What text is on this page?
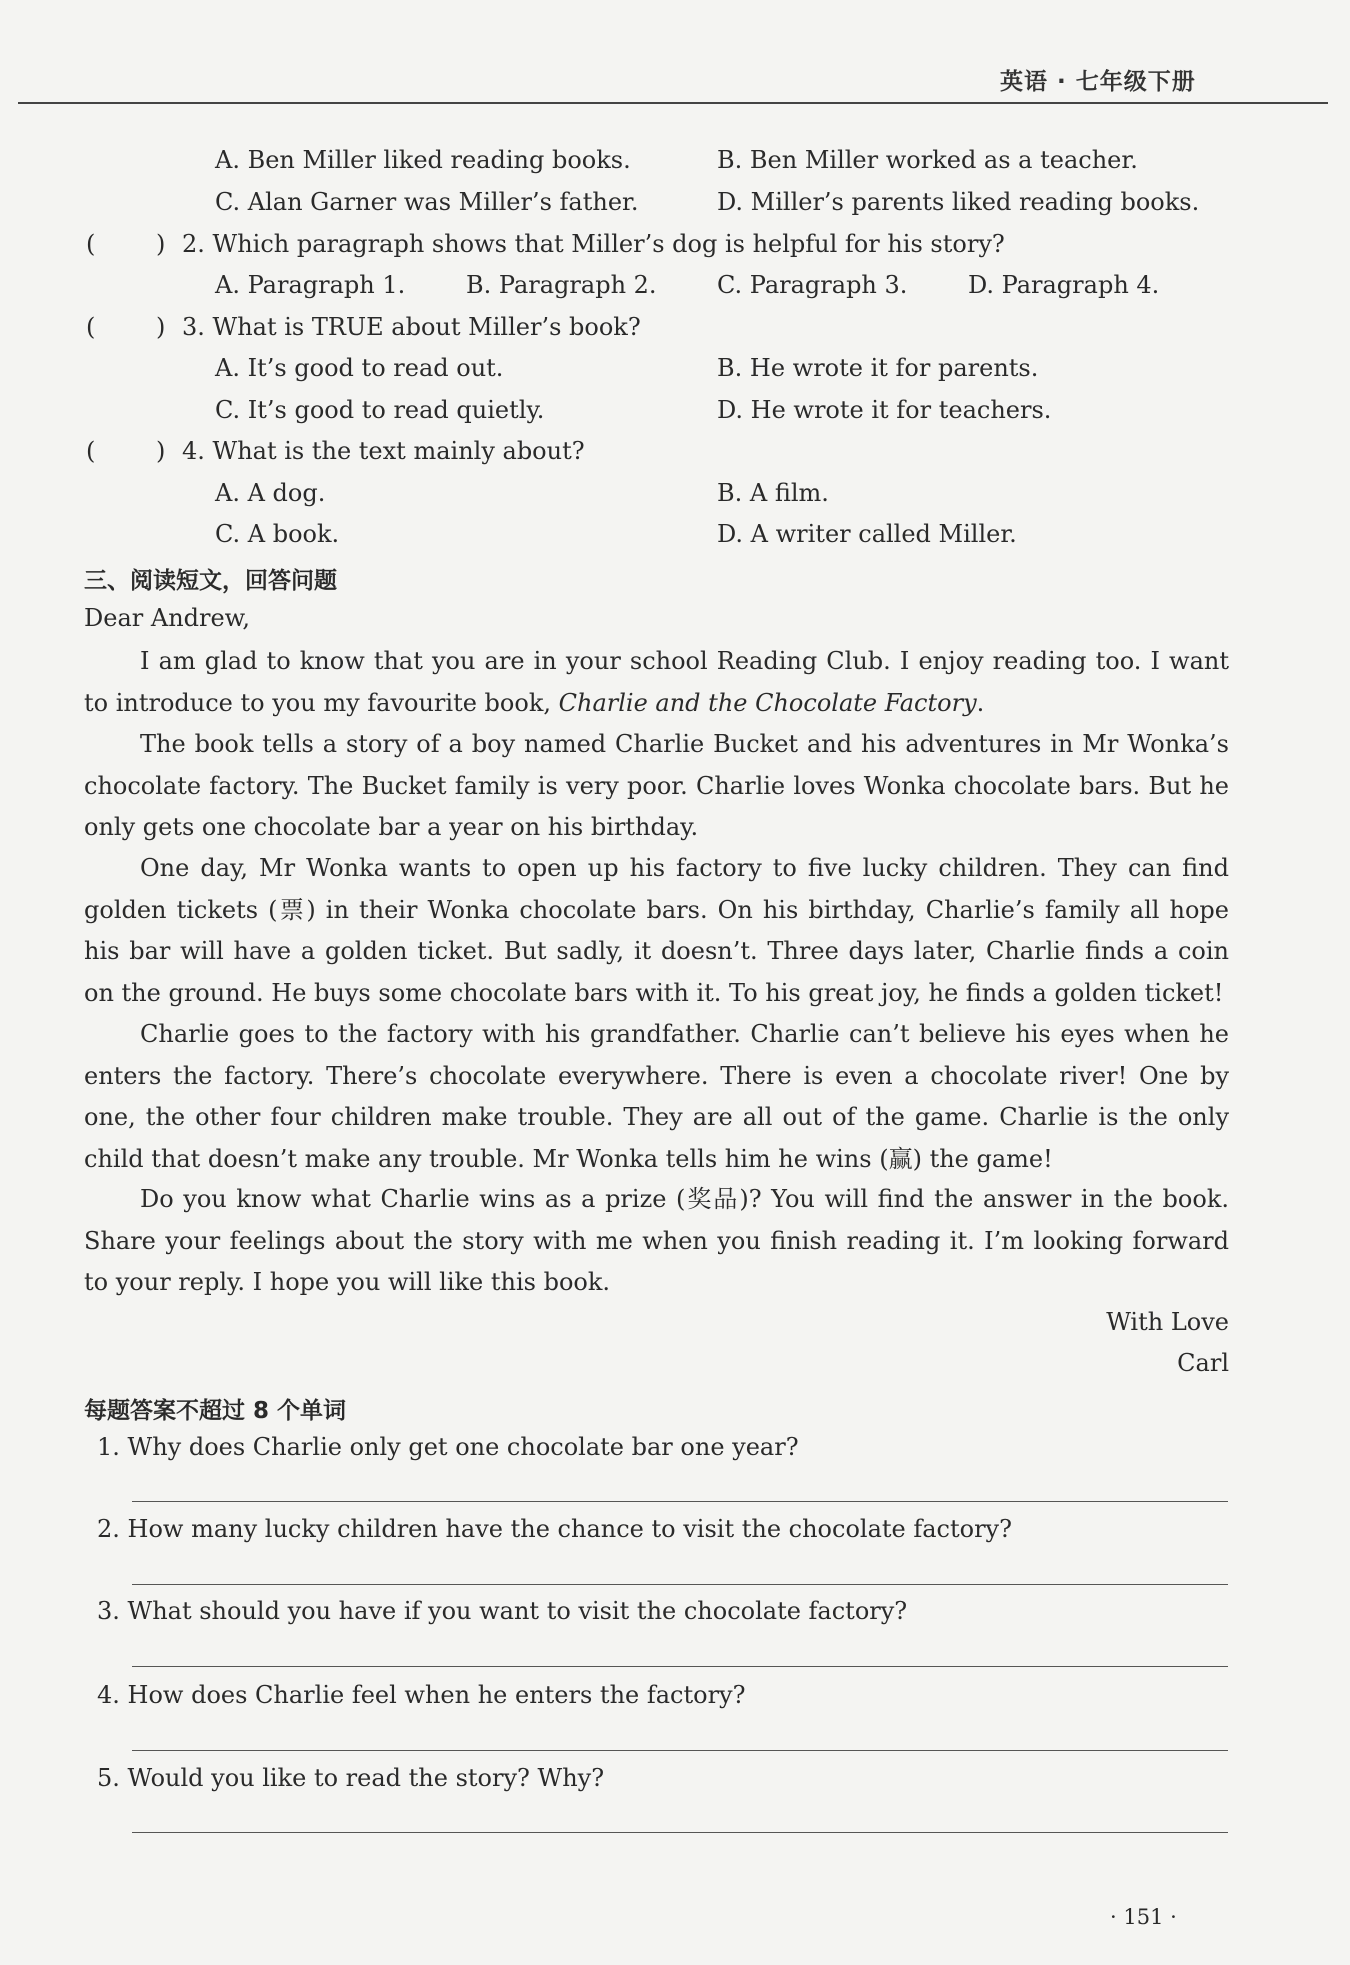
英语 · 七年级下册
A. Ben Miller liked reading books.	B. Ben Miller worked as a teacher.
C. Alan Garner was Miller’s father.	D. Miller’s parents liked reading books.
(	) 2. Which paragraph shows that Miller’s dog is helpful for his story?
A. Paragraph 1.	B. Paragraph 2.	C. Paragraph 3.	D. Paragraph 4.
(	) 3. What is TRUE about Miller’s book?
A. It’s good to read out.	B. He wrote it for parents.
C. It’s good to read quietly.	D. He wrote it for teachers.
(	) 4. What is the text mainly about?
A. A dog.	B. A film.
C. A book.	D. A writer called Miller.
三、阅读短文，回答问题
Dear Andrew,
I am glad to know that you are in your school Reading Club. I enjoy reading too. I want to introduce to you my favourite book, Charlie and the Chocolate Factory.
The book tells a story of a boy named Charlie Bucket and his adventures in Mr Wonka’s chocolate factory. The Bucket family is very poor. Charlie loves Wonka chocolate bars. But he only gets one chocolate bar a year on his birthday.
One day, Mr Wonka wants to open up his factory to five lucky children. They can find golden tickets (票) in their Wonka chocolate bars. On his birthday, Charlie’s family all hope his bar will have a golden ticket. But sadly, it doesn’t. Three days later, Charlie finds a coin on the ground. He buys some chocolate bars with it. To his great joy, he finds a golden ticket!
Charlie goes to the factory with his grandfather. Charlie can’t believe his eyes when he enters the factory. There’s chocolate everywhere. There is even a chocolate river! One by one, the other four children make trouble. They are all out of the game. Charlie is the only child that doesn’t make any trouble. Mr Wonka tells him he wins (赢) the game!
Do you know what Charlie wins as a prize (奖品)? You will find the answer in the book. Share your feelings about the story with me when you finish reading it. I’m looking forward to your reply. I hope you will like this book.
With Love
Carl
每题答案不超过 8 个单词
1. Why does Charlie only get one chocolate bar one year?
2. How many lucky children have the chance to visit the chocolate factory?
3. What should you have if you want to visit the chocolate factory?
4. How does Charlie feel when he enters the factory?
5. Would you like to read the story? Why?
· 151 ·
